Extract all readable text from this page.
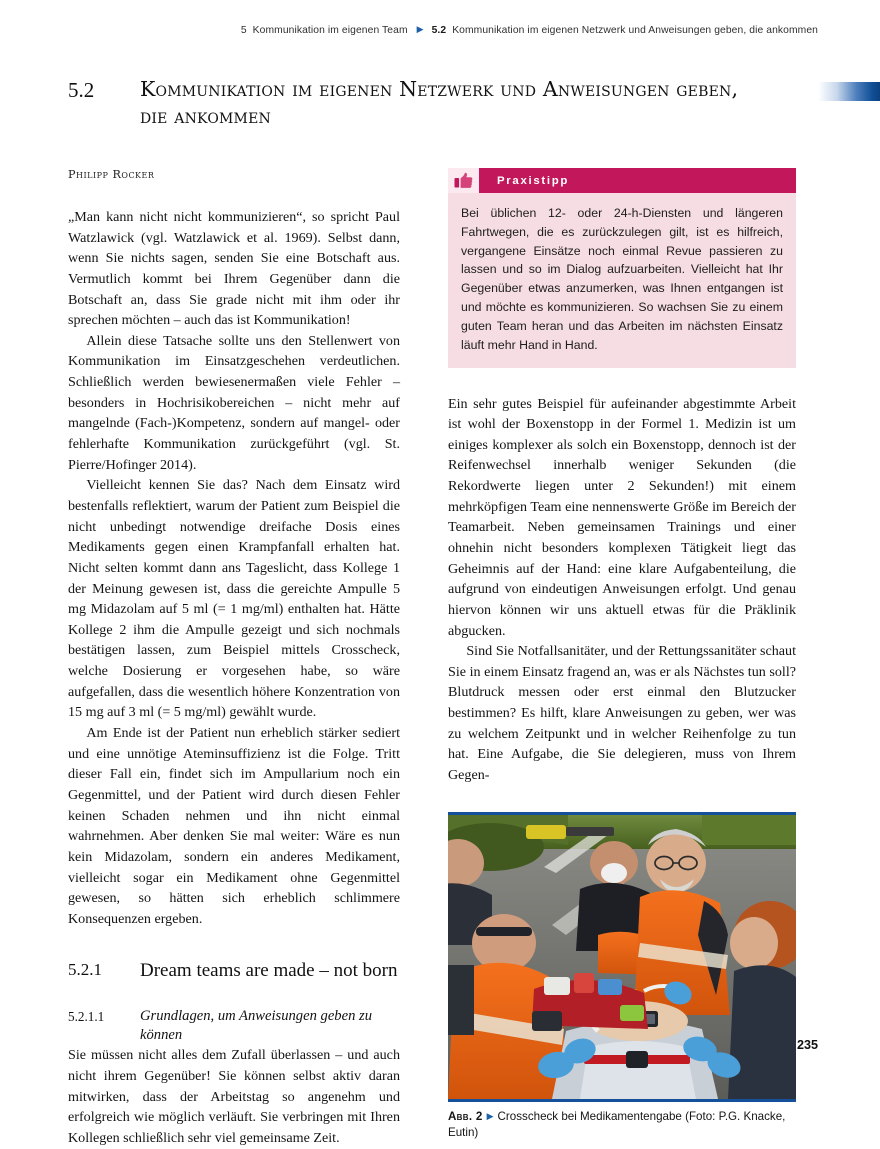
5 Kommunikation im eigenen Team ▶ 5.2 Kommunikation im eigenen Netzwerk und Anweisungen geben, die ankommen
5.2 Kommunikation im eigenen Netzwerk und Anweisungen geben, die ankommen
Philipp Rocker

„Man kann nicht nicht kommunizieren“, so spricht Paul Watzlawick (vgl. Watzlawick et al. 1969). Selbst dann, wenn Sie nichts sagen, senden Sie eine Botschaft aus. Vermutlich kommt bei Ihrem Gegenüber dann die Botschaft an, dass Sie grade nicht mit ihm oder ihr sprechen möchten – auch das ist Kommunikation!

Allein diese Tatsache sollte uns den Stellenwert von Kommunikation im Einsatzgeschehen verdeutlichen. Schließlich werden bewiesenermaßen viele Fehler – besonders in Hochrisikobereichen – nicht mehr auf mangelnde (Fach-)Kompetenz, sondern auf mangel- oder fehlerhafte Kommunikation zurückgeführt (vgl. St. Pierre/Hofinger 2014).

Vielleicht kennen Sie das? Nach dem Einsatz wird bestenfalls reflektiert, warum der Patient zum Beispiel die nicht unbedingt notwendige dreifache Dosis eines Medikaments gegen einen Krampfanfall erhalten hat. Nicht selten kommt dann ans Tageslicht, dass Kollege 1 der Meinung gewesen ist, dass die gereichte Ampulle 5 mg Midazolam auf 5 ml (= 1 mg/ml) enthalten hat. Hätte Kollege 2 ihm die Ampulle gezeigt und sich nochmals bestätigen lassen, zum Beispiel mittels Crosscheck, welche Dosierung er vorgesehen habe, so wäre aufgefallen, dass die wesentlich höhere Konzentration von 15 mg auf 3 ml (= 5 mg/ml) gewählt wurde.

Am Ende ist der Patient nun erheblich stärker sediert und eine unnötige Ateminsuffizienz ist die Folge. Tritt dieser Fall ein, findet sich im Ampullarium noch ein Gegenmittel, und der Patient wird durch diesen Fehler keinen Schaden nehmen und ihn nicht einmal wahrnehmen. Aber denken Sie mal weiter: Wäre es nun kein Midazolam, sondern ein anderes Medikament, vielleicht sogar ein Medikament ohne Gegenmittel gewesen, so hätten sich erheblich schlimmere Konsequenzen ergeben.

5.2.1 Dream teams are made – not born
5.2.1.1 Grundlagen, um Anweisungen geben zu können

Sie müssen nicht alles dem Zufall überlassen – und auch nicht ihrem Gegenüber! Sie können selbst aktiv daran mitwirken, dass der Arbeitstag so angenehm und erfolgreich wie möglich verläuft. Sie verbringen mit Ihren Kollegen schließlich sehr viel gemeinsame Zeit.

Praxistipp

Bei üblichen 12- oder 24-h-Diensten und längeren Fahrtwegen, die es zurückzulegen gilt, ist es hilfreich, vergangene Einsätze noch einmal Revue passieren zu lassen und so im Dialog aufzuarbeiten. Vielleicht hat Ihr Gegenüber etwas anzumerken, was Ihnen entgangen ist und möchte es kommunizieren. So wachsen Sie zu einem guten Team heran und das Arbeiten im nächsten Einsatz läuft mehr Hand in Hand.

Ein sehr gutes Beispiel für aufeinander abgestimmte Arbeit ist wohl der Boxenstopp in der Formel 1. Medizin ist um einiges komplexer als solch ein Boxenstopp, dennoch ist der Reifenwechsel innerhalb weniger Sekunden (die Rekordwerte liegen unter 2 Sekunden!) mit einem mehrköpfigen Team eine nennenswerte Größe im Bereich der Teamarbeit. Neben gemeinsamen Trainings und einer ohnehin nicht besonders komplexen Tätigkeit liegt das Geheimnis auf der Hand: eine klare Aufgabenteilung, die aufgrund von eindeutigen Anweisungen erfolgt. Und genau hiervon können wir uns aktuell etwas für die Präklinik abgucken.

Sind Sie Notfallsanitäter, und der Rettungssanitäter schaut Sie in einem Einsatz fragend an, was er als Nächstes tun soll? Blutdruck messen oder erst einmal den Blutzucker bestimmen? Es hilft, klare Anweisungen zu geben, wer was zu welchem Zeitpunkt und in welcher Reihenfolge zu tun hat. Eine Aufgabe, die Sie delegieren, muss von Ihrem Gegen-

Abb. 2 ▶ Crosscheck bei Medikamentengabe (Foto: P.G. Knacke, Eutin)
235
